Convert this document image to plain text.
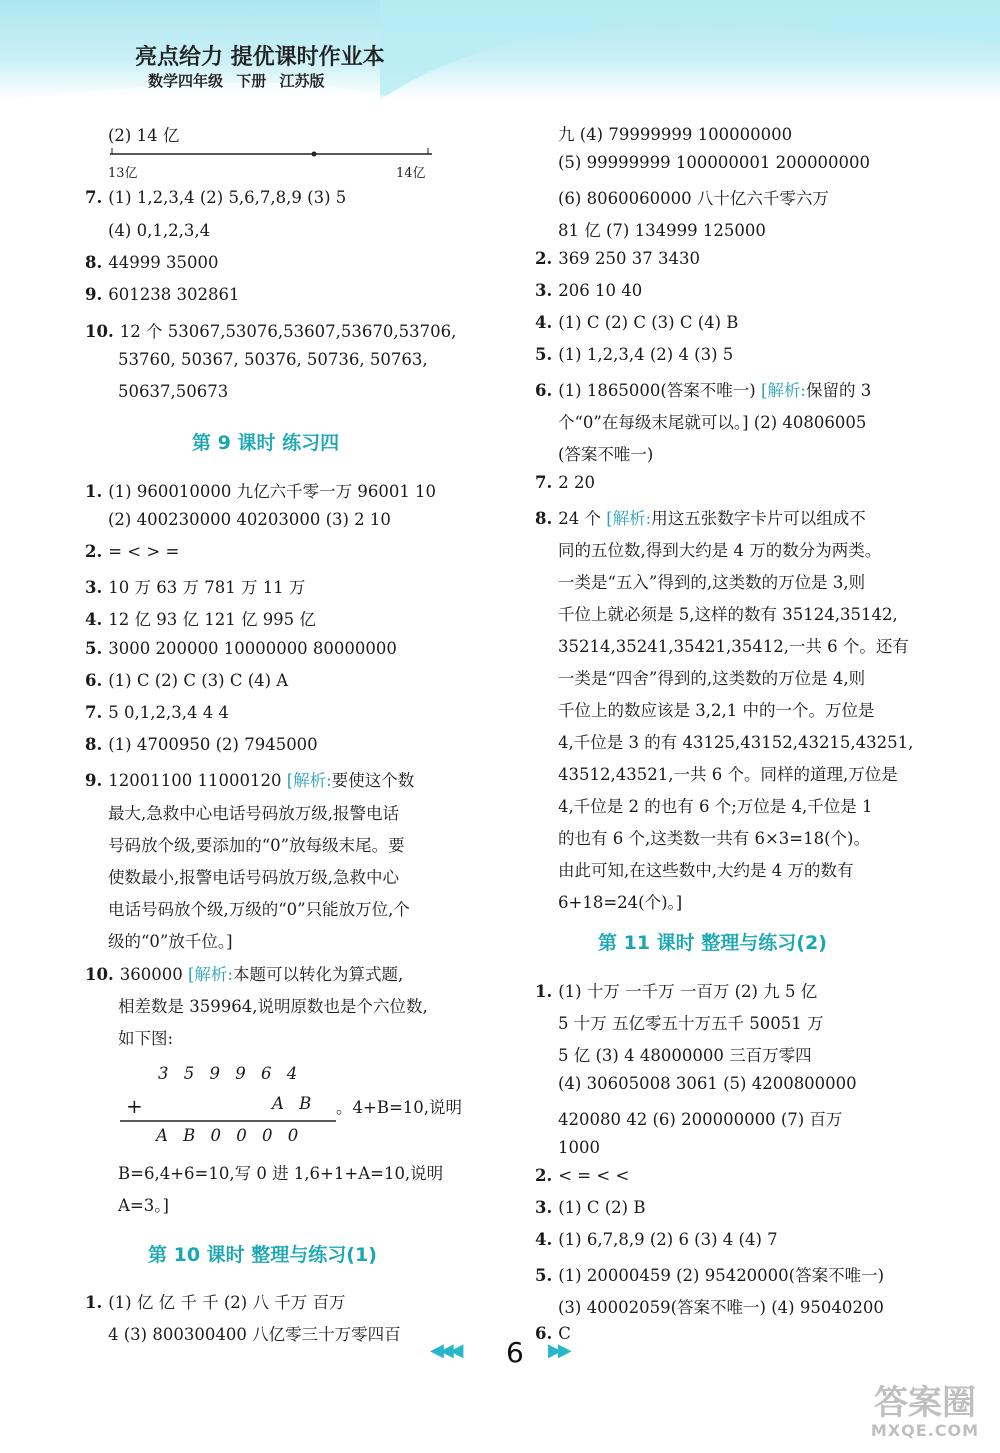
亮点给力 提优课时作业本
数学四年级 下册 江苏版
(2) 14 亿
13亿	14亿
7. (1) 1,2,3,4 (2) 5,6,7,8,9 (3) 5
(4) 0,1,2,3,4
8. 44999 35000
9. 601238 302861
10. 12 个 53067,53076,53607,53670,53706,
53760, 50367, 50376, 50736, 50763,
50637,50673
第 9 课时 练习四
1. (1) 960010000 九亿六千零一万 96001 10
(2) 400230000 40203000 (3) 2 10
2. = < > =
3. 10 万 63 万 781 万 11 万
4. 12 亿 93 亿 121 亿 995 亿
5. 3000 200000 10000000 80000000
6. (1) C (2) C (3) C (4) A
7. 5 0,1,2,3,4 4 4
8. (1) 4700950 (2) 7945000
9. 12001100 11000120 [解析:要使这个数
最大,急救中心电话号码放万级,报警电话
号码放个级,要添加的“0”放每级末尾。要
使数最小,报警电话号码放万级,急救中心
电话号码放个级,万级的“0”只能放万位,个
级的“0”放千位。]
10. 360000 [解析:本题可以转化为算式题,
相差数是 359964,说明原数也是个六位数,
如下图:
3 5 9 9 6 4
+	A B 。4+B=10,说明
A B 0 0 0 0
B=6,4+6=10,写 0 进 1,6+1+A=10,说明
A=3。]
第 10 课时 整理与练习(1)
1. (1) 亿 亿 千 千 (2) 八 千万 百万
4 (3) 800300400 八亿零三十万零四百
九 (4) 79999999 100000000
(5) 99999999 100000001 200000000
(6) 8060060000 八十亿六千零六万
81 亿 (7) 134999 125000
2. 369 250 37 3430
3. 206 10 40
4. (1) C (2) C (3) C (4) B
5. (1) 1,2,3,4 (2) 4 (3) 5
6. (1) 1865000(答案不唯一) [解析:保留的 3
个“0”在每级末尾就可以。] (2) 40806005
(答案不唯一)
7. 2 20
8. 24 个 [解析:用这五张数字卡片可以组成不
同的五位数,得到大约是 4 万的数分为两类。
一类是“五入”得到的,这类数的万位是 3,则
千位上就必须是 5,这样的数有 35124,35142,
35214,35241,35421,35412,一共 6 个。还有
一类是“四舍”得到的,这类数的万位是 4,则
千位上的数应该是 3,2,1 中的一个。万位是
4,千位是 3 的有 43125,43152,43215,43251,
43512,43521,一共 6 个。同样的道理,万位是
4,千位是 2 的也有 6 个;万位是 4,千位是 1
的也有 6 个,这类数一共有 6×3=18(个)。
由此可知,在这些数中,大约是 4 万的数有
6+18=24(个)。]
第 11 课时 整理与练习(2)
1. (1) 十万 一千万 一百万 (2) 九 5 亿
5 十万 五亿零五十万五千 50051 万
5 亿 (3) 4 48000000 三百万零四
(4) 30605008 3061 (5) 4200800000
420080 42 (6) 200000000 (7) 百万
1000
2. < = < <
3. (1) C (2) B
4. (1) 6,7,8,9 (2) 6 (3) 4 (4) 7
5. (1) 20000459 (2) 95420000(答案不唯一)
(3) 40002059(答案不唯一) (4) 95040200
6. C
◀◀◀ 6 ▶▶
答案圈
MXQE.COM
